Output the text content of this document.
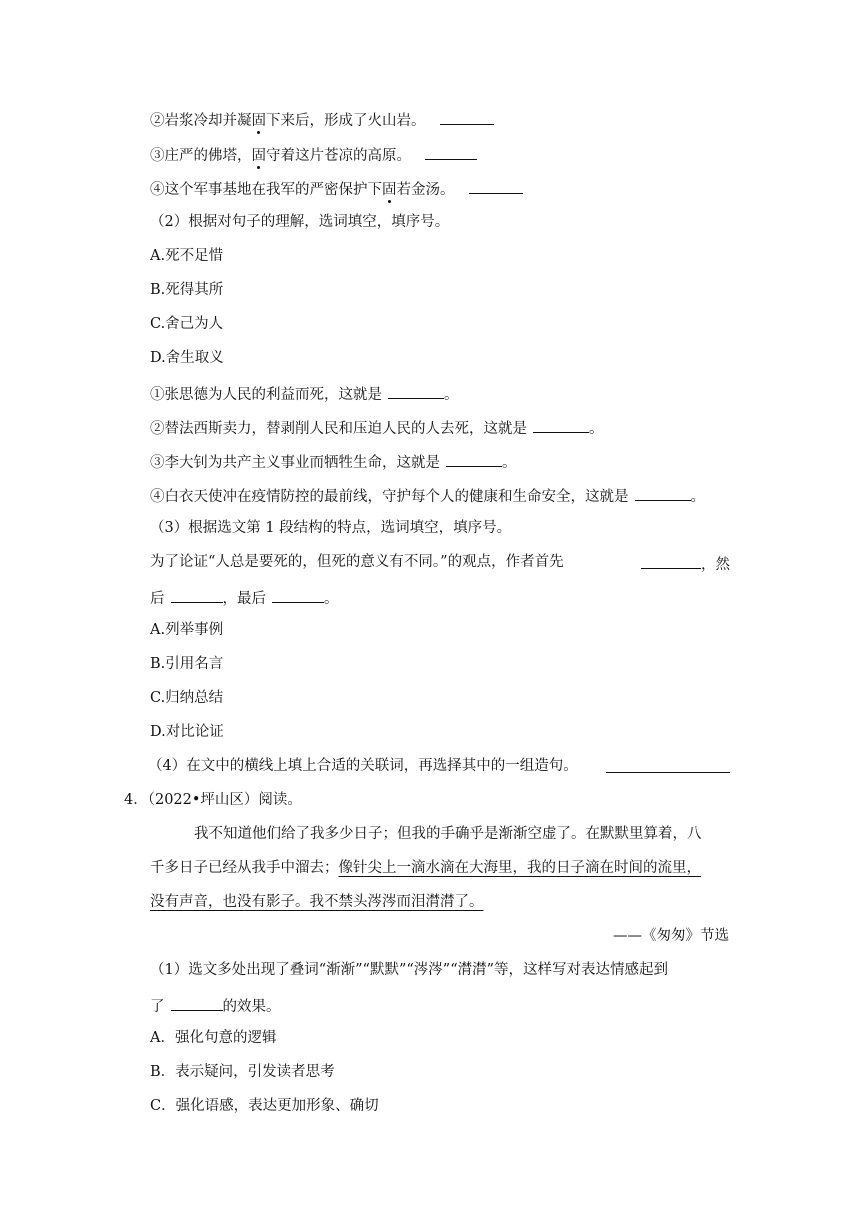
②岩浆冷却并凝固下来后，形成了火山岩。
③庄严的佛塔，固守着这片苍凉的高原。
④这个军事基地在我军的严密保护下固若金汤。
（2）根据对句子的理解，选词填空，填序号。
A.死不足惜
B.死得其所
C.舍己为人
D.舍生取义
①张思德为人民的利益而死，这就是	。
②替法西斯卖力，替剥削人民和压迫人民的人去死，这就是	。
③李大钊为共产主义事业而牺牲生命，这就是	。
④白衣天使冲在疫情防控的最前线，守护每个人的健康和生命安全，这就是	。
（3）根据选文第 1 段结构的特点，选词填空，填序号。
为了论证“人总是要死的，但死的意义有不同。”的观点，作者首先	，然
后	，最后	。
A.列举事例
B.引用名言
C.归纳总结
D.对比论证
（4）在文中的横线上填上合适的关联词，再选择其中的一组造句。
4．（2022•坪山区）阅读。
我不知道他们给了我多少日子；但我的手确乎是渐渐空虚了。在默默里算着，八
千多日子已经从我手中溜去；像针尖上一滴水滴在大海里，我的日子滴在时间的流里，
没有声音，也没有影子。我不禁头涔涔而泪潸潸了。
——《匆匆》节选
（1）选文多处出现了叠词“渐渐”“默默”“涔涔”“潸潸”等，这样写对表达情感起到
了	的效果。
A．强化句意的逻辑
B．表示疑问，引发读者思考
C．强化语感，表达更加形象、确切
